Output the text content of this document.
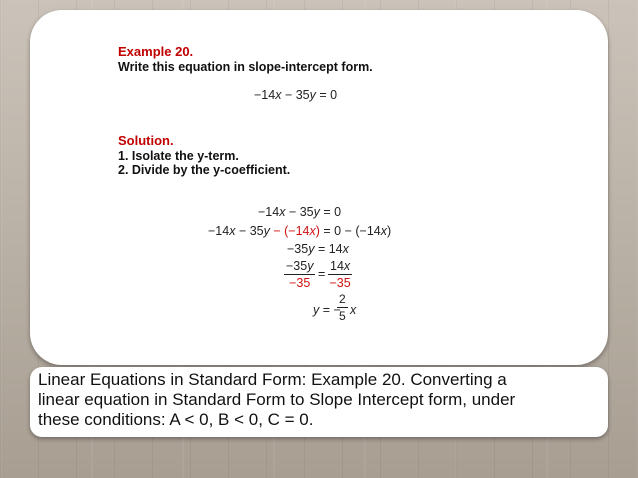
Example 20.
Write this equation in slope-intercept form.
−14x − 35y = 0
Solution.
1. Isolate the y-term.
2. Divide by the y-coefficient.
−14x − 35y = 0
−14x − 35y − (−14x) = 0 − (−14x)
−35y = 14x
−35y
−35
=
14x
−35
y = −
2
5 x
Linear Equations in Standard Form: Example 20. Converting a
linear equation in Standard Form to Slope Intercept form, under
these conditions: A < 0, B < 0, C = 0.
